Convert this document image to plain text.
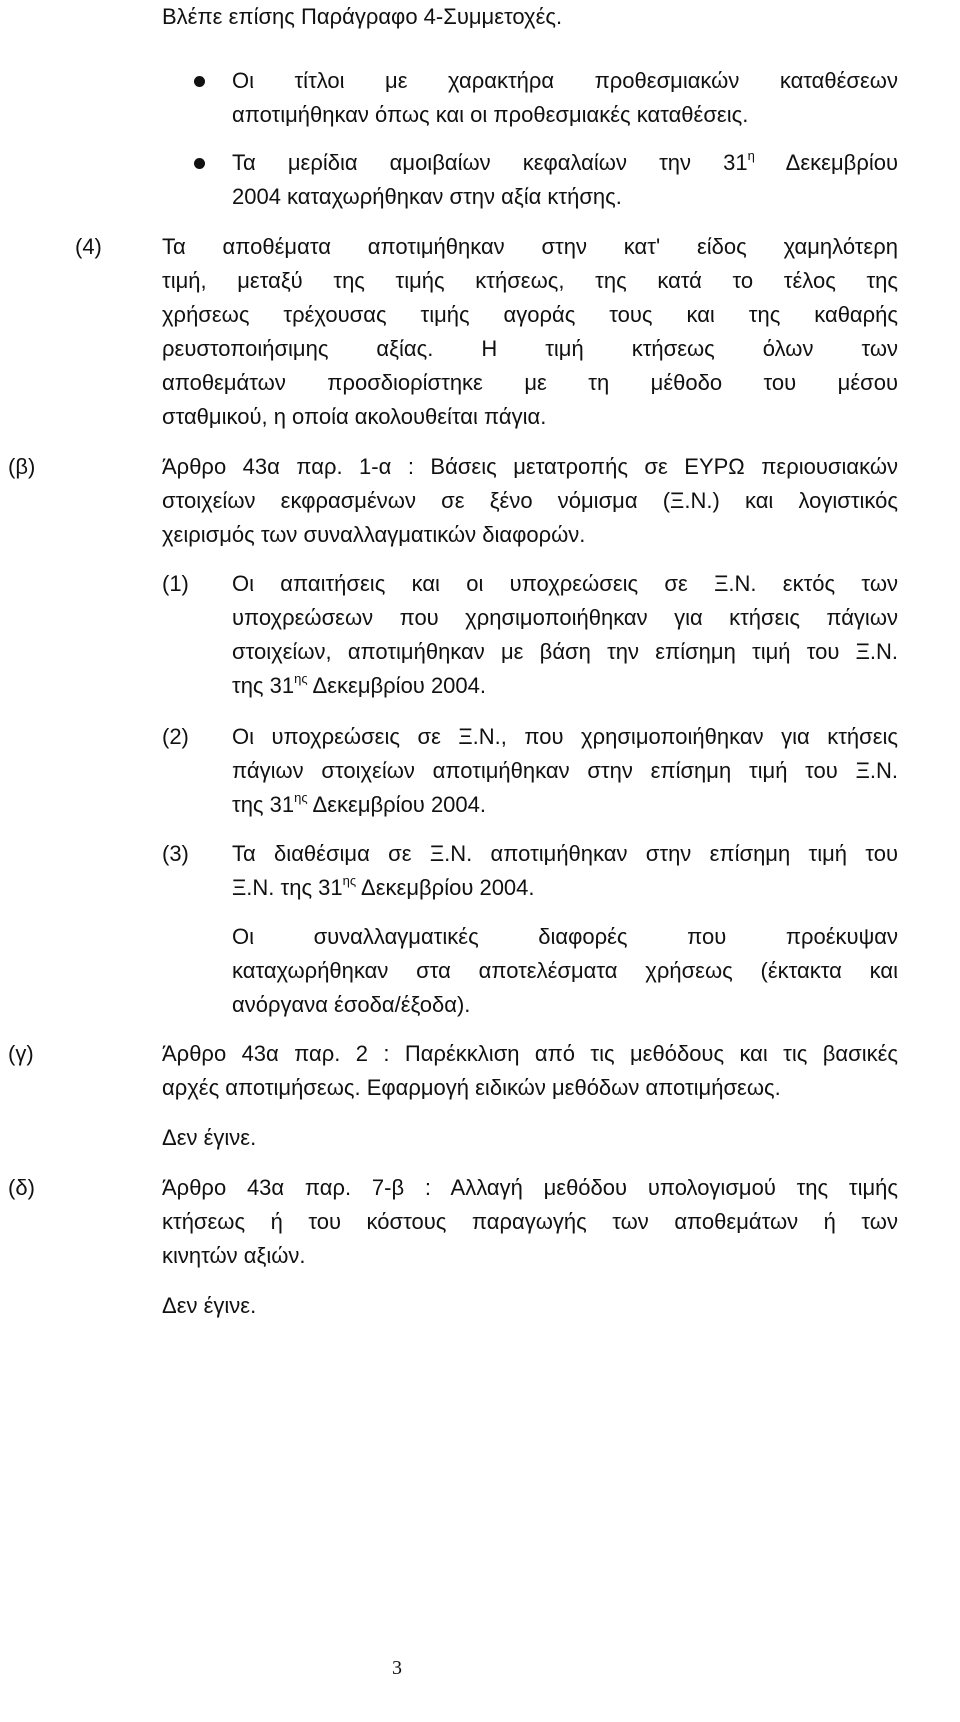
Βλέπε επίσης Παράγραφο 4-Συμμετοχές.
Οι τίτλοι με χαρακτήρα προθεσμιακών καταθέσεων
αποτιμήθηκαν όπως και οι προθεσμιακές καταθέσεις.
Τα μερίδια αμοιβαίων κεφαλαίων την $31^\eta$ Δεκεμβρίου
2004 καταχωρήθηκαν στην αξία κτήσης.
(4)	Τα αποθέματα αποτιμήθηκαν στην κατ' είδος χαμηλότερη
τιμή, μεταξύ της τιμής κτήσεως, της κατά το τέλος της
χρήσεως τρέχουσας τιμής αγοράς τους και της καθαρής
ρευστοποιήσιμης αξίας. Η τιμή κτήσεως όλων των
αποθεμάτων προσδιορίστηκε με τη μέθοδο του μέσου
σταθμικού, η οποία ακολουθείται πάγια.
(β)	Άρθρο 43α παρ. 1-α : Βάσεις μετατροπής σε ΕΥΡΩ περιουσιακών
στοιχείων εκφρασμένων σε ξένο νόμισμα (Ξ.Ν.) και λογιστικός
χειρισμός των συναλλαγματικών διαφορών.
(1) Οι απαιτήσεις και οι υποχρεώσεις σε Ξ.Ν. εκτός των
υποχρεώσεων που χρησιμοποιήθηκαν για κτήσεις πάγιων
στοιχείων, αποτιμήθηκαν με βάση την επίσημη τιμή του Ξ.Ν.
της $31^{\eta\varsigma}$ Δεκεμβρίου 2004.
(2) Οι υποχρεώσεις σε Ξ.Ν., που χρησιμοποιήθηκαν για κτήσεις
πάγιων στοιχείων αποτιμήθηκαν στην επίσημη τιμή του Ξ.Ν.
της $31^{\eta\varsigma}$ Δεκεμβρίου 2004.
(3) Τα διαθέσιμα σε Ξ.Ν. αποτιμήθηκαν στην επίσημη τιμή του
Ξ.Ν. της $31^{\eta\varsigma}$ Δεκεμβρίου 2004.
Οι συναλλαγματικές διαφορές που προέκυψαν
καταχωρήθηκαν στα αποτελέσματα χρήσεως (έκτακτα και
ανόργανα έσοδα/έξοδα).
(γ)	Άρθρο 43α παρ. 2 : Παρέκκλιση από τις μεθόδους και τις βασικές
αρχές αποτιμήσεως. Εφαρμογή ειδικών μεθόδων αποτιμήσεως.
Δεν έγινε.
(δ)	Άρθρο 43α παρ. 7-β : Αλλαγή μεθόδου υπολογισμού της τιμής
κτήσεως ή του κόστους παραγωγής των αποθεμάτων ή των
κινητών αξιών.
Δεν έγινε.
3
